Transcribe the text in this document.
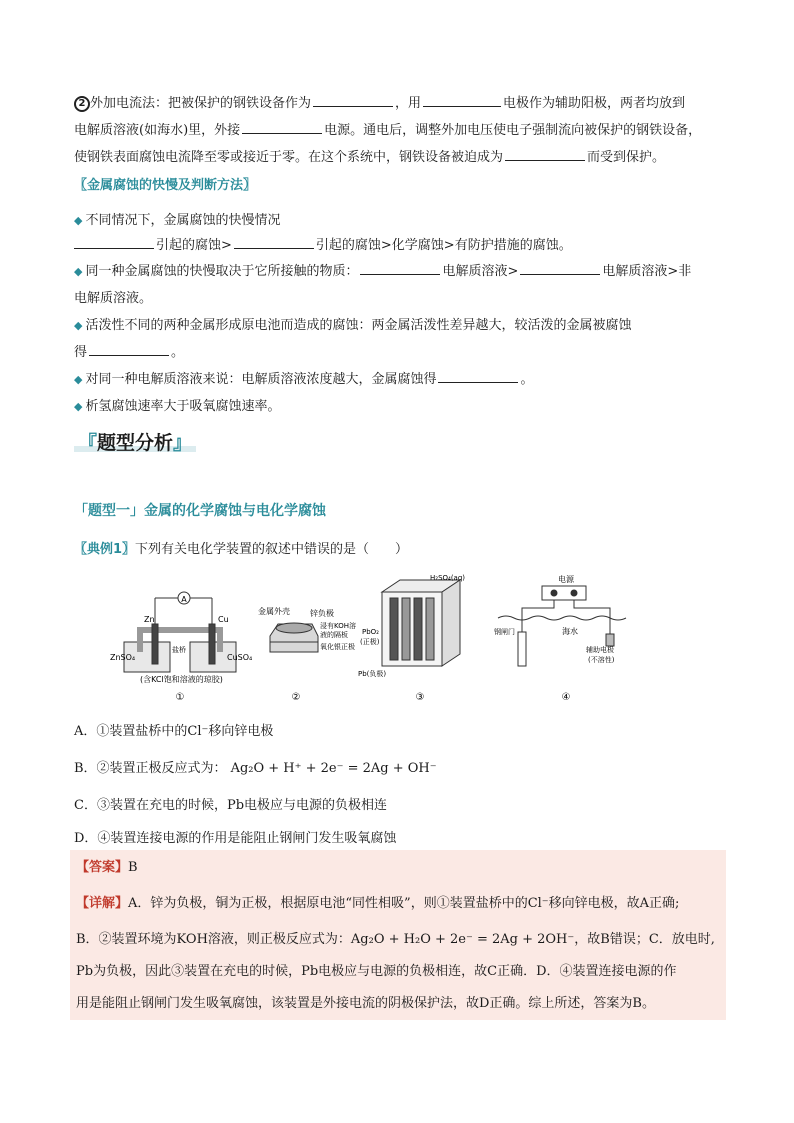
2 外加电流法：把被保护的钢铁设备作为	，用	电极作为辅助阳极，两者均放到
电解质溶液(如海水)里，外接	电源。通电后，调整外加电压使电子强制流向被保护的钢铁设备，
使钢铁表面腐蚀电流降至零或接近于零。在这个系统中，钢铁设备被迫成为	而受到保护。
〖金属腐蚀的快慢及判断方法〗
◆ 不同情况下，金属腐蚀的快慢情况
引起的腐蚀>	引起的腐蚀>化学腐蚀>有防护措施的腐蚀。
◆ 同一种金属腐蚀的快慢取决于它所接触的物质：	电解质溶液>	电解质溶液>非
电解质溶液。
◆ 活泼性不同的两种金属形成原电池而造成的腐蚀：两金属活泼性差异越大，较活泼的金属被腐蚀
得	。
◆ 对同一种电解质溶液来说：电解质溶液浓度越大，金属腐蚀得	。
◆ 析氢腐蚀速率大于吸氧腐蚀速率。
『题型分析』
「题型一」金属的化学腐蚀与电化学腐蚀
〖典例1〗下列有关电化学装置的叙述中错误的是（　　）
A
Zn	Cu
ZnSO₄	CuSO₄
盐桥
(含KCl饱和溶液的琼胶)
①
金属外壳	锌负极
浸有KOH溶
液的隔板
氧化银正极
②
H₂SO₄(aq)
PbO₂
(正极)
Pb(负极)
③
电源
钢闸门	海水
辅助电极
(不溶性)
④
A．①装置盐桥中的Cl⁻移向锌电极
B．②装置正极反应式为： Ag₂O + H⁺ + 2e⁻ = 2Ag + OH⁻
C．③装置在充电的时候，Pb电极应与电源的负极相连
D．④装置连接电源的作用是能阻止钢闸门发生吸氧腐蚀
【答案】B
【详解】A．锌为负极，铜为正极，根据原电池“同性相吸”，则①装置盐桥中的Cl⁻移向锌电极，故A正确;
B．②装置环境为KOH溶液，则正极反应式为：Ag₂O + H₂O + 2e⁻ = 2Ag + 2OH⁻，故B错误；C．放电时,
Pb为负极，因此③装置在充电的时候，Pb电极应与电源的负极相连，故C正确．D．④装置连接电源的作
用是能阻止钢闸门发生吸氧腐蚀，该装置是外接电流的阴极保护法，故D正确。综上所述，答案为B。
